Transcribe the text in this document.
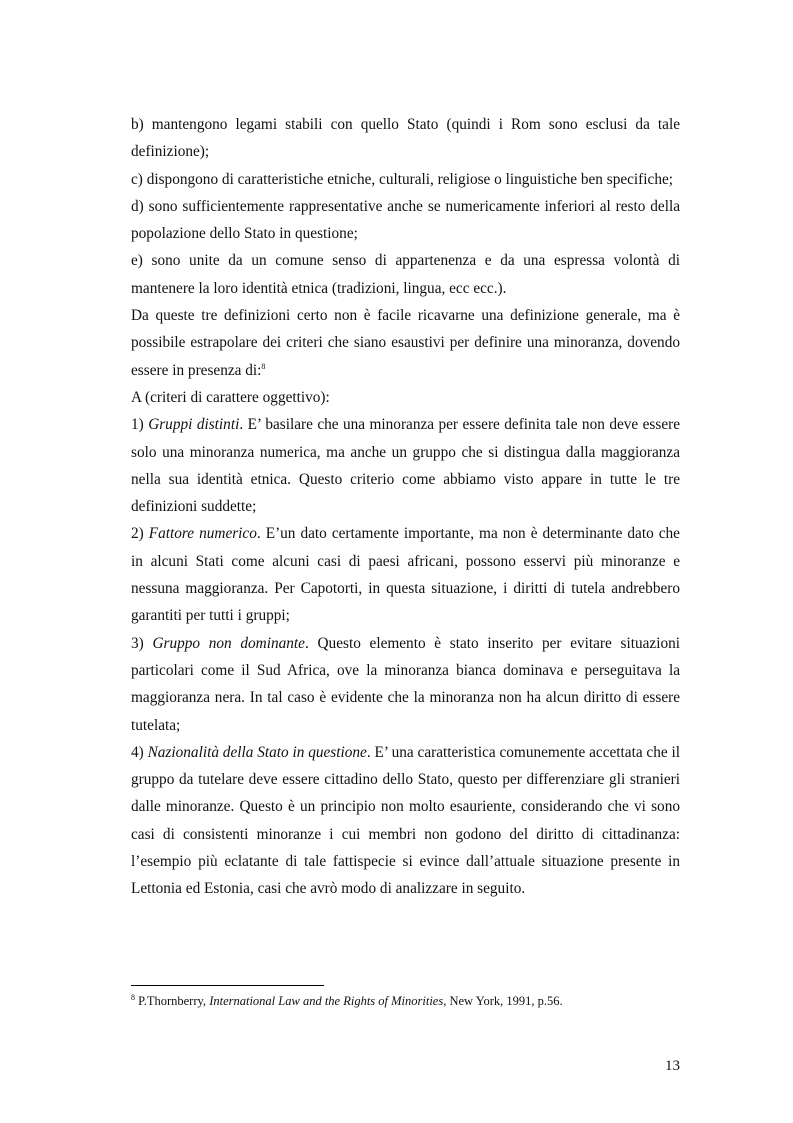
b) mantengono legami stabili con quello Stato (quindi i Rom sono esclusi da tale definizione);

c) dispongono di caratteristiche etniche, culturali, religiose o linguistiche ben specifiche;

d) sono sufficientemente rappresentative anche se numericamente inferiori al resto della popolazione dello Stato in questione;

e) sono unite da un comune senso di appartenenza e da una espressa volontà di mantenere la loro identità etnica (tradizioni, lingua, ecc ecc.).

Da queste tre definizioni certo non è facile ricavarne una definizione generale, ma è possibile estrapolare dei criteri che siano esaustivi per definire una minoranza, dovendo essere in presenza di:$^8$

A (criteri di carattere oggettivo):

1) Gruppi distinti. E’ basilare che una minoranza per essere definita tale non deve essere solo una minoranza numerica, ma anche un gruppo che si distingua dalla maggioranza nella sua identità etnica. Questo criterio come abbiamo visto appare in tutte le tre definizioni suddette;

2) Fattore numerico. E’un dato certamente importante, ma non è determinante dato che in alcuni Stati come alcuni casi di paesi africani, possono esservi più minoranze e nessuna maggioranza. Per Capotorti, in questa situazione, i diritti di tutela andrebbero garantiti per tutti i gruppi;

3) Gruppo non dominante. Questo elemento è stato inserito per evitare situazioni particolari come il Sud Africa, ove la minoranza bianca dominava e perseguitava la maggioranza nera. In tal caso è evidente che la minoranza non ha alcun diritto di essere tutelata;

4) Nazionalità della Stato in questione. E’ una caratteristica comunemente accettata che il gruppo da tutelare deve essere cittadino dello Stato, questo per differenziare gli stranieri dalle minoranze. Questo è un principio non molto esauriente, considerando che vi sono casi di consistenti minoranze i cui membri non godono del diritto di cittadinanza: l’esempio più eclatante di tale fattispecie si evince dall’attuale situazione presente in Lettonia ed Estonia, casi che avrò modo di analizzare in seguito.

$^8$ P.Thornberry, International Law and the Rights of Minorities, New York, 1991, p.56.
13
